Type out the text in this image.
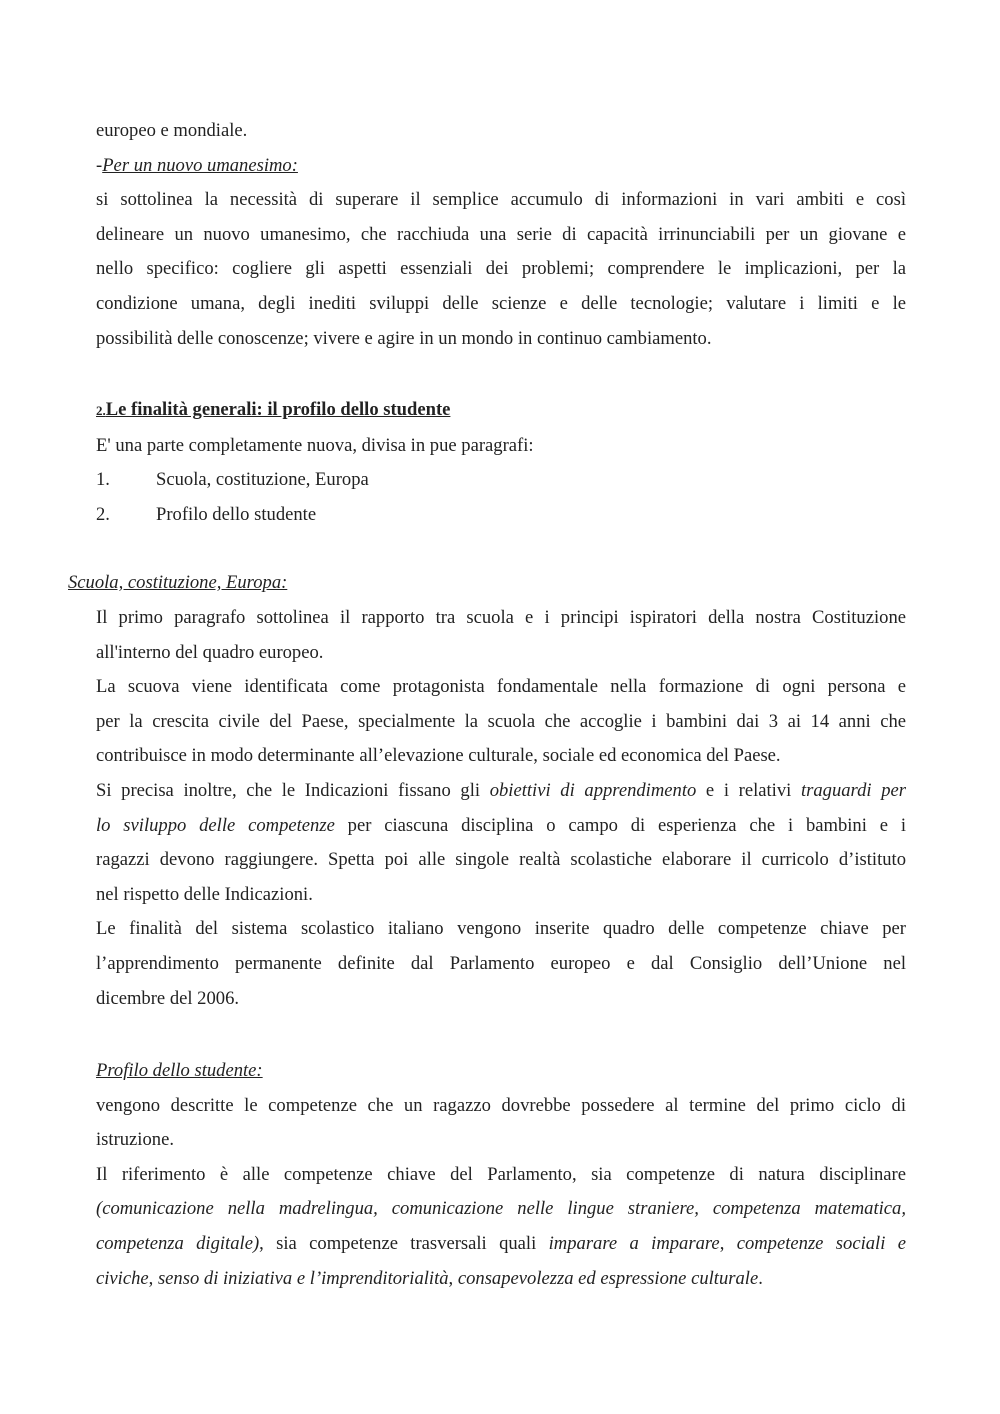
europeo e mondiale.
-Per un nuovo umanesimo:
si sottolinea la necessità di superare il semplice accumulo di informazioni in vari ambiti e così
delineare un nuovo umanesimo, che racchiuda una serie di capacità irrinunciabili per un giovane e
nello specifico: cogliere gli aspetti essenziali dei problemi; comprendere le implicazioni, per la
condizione umana, degli inediti sviluppi delle scienze e delle tecnologie; valutare i limiti e le
possibilità delle conoscenze; vivere e agire in un mondo in continuo cambiamento.
2.Le finalità generali: il profilo dello studente
E' una parte completamente nuova, divisa in pue paragrafi:
1. Scuola, costituzione, Europa
2. Profilo dello studente
Scuola, costituzione, Europa:
Il primo paragrafo sottolinea il rapporto tra scuola e i principi ispiratori della nostra Costituzione
all'interno del quadro europeo.
La scuova viene identificata come protagonista fondamentale nella formazione di ogni persona e
per la crescita civile del Paese, specialmente la scuola che accoglie i bambini dai 3 ai 14 anni che
contribuisce in modo determinante all’elevazione culturale, sociale ed economica del Paese.
Si precisa inoltre, che le Indicazioni fissano gli obiettivi di apprendimento e i relativi traguardi per
lo sviluppo delle competenze per ciascuna disciplina o campo di esperienza che i bambini e i
ragazzi devono raggiungere. Spetta poi alle singole realtà scolastiche elaborare il curricolo d’istituto
nel rispetto delle Indicazioni.
Le finalità del sistema scolastico italiano vengono inserite quadro delle competenze chiave per
l’apprendimento permanente definite dal Parlamento europeo e dal Consiglio dell’Unione nel
dicembre del 2006.
Profilo dello studente:
vengono descritte le competenze che un ragazzo dovrebbe possedere al termine del primo ciclo di
istruzione.
Il riferimento è alle competenze chiave del Parlamento, sia competenze di natura disciplinare
(comunicazione nella madrelingua, comunicazione nelle lingue straniere, competenza matematica,
competenza digitale), sia competenze trasversali quali imparare a imparare, competenze sociali e
civiche, senso di iniziativa e l’imprenditorialità, consapevolezza ed espressione culturale.
